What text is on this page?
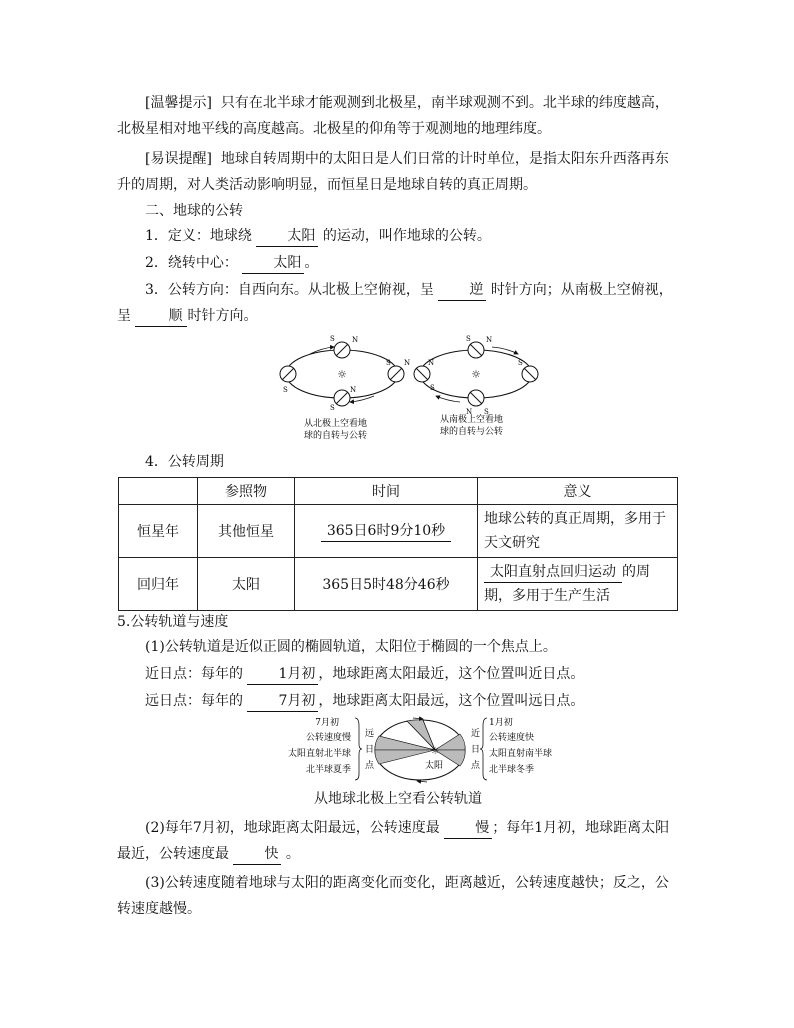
[温馨提示] 只有在北半球才能观测到北极星，南半球观测不到。北半球的纬度越高，北极星相对地平线的高度越高。北极星的仰角等于观测地的地理纬度。

[易误提醒] 地球自转周期中的太阳日是人们日常的计时单位，是指太阳东升西落再东升的周期，对人类活动影响明显，而恒星日是地球自转的真正周期。

二、地球的公转

1．定义：地球绕	太阳 的运动，叫作地球的公转。

2．绕转中心：	太阳 。

3．公转方向：自西向东。从北极上空俯视，呈	逆 时针方向；从南极上空俯视，呈	顺 时针方向。

☼
S N
S
S N
N
S
☼
S N
N
S
S
N S
从北极上空看地
球的自转与公转
从南极上空看地
球的自转与公转

4．公转周期

	参照物	时间	意义
恒星年	其他恒星	365日6时9分10秒	地球公转的真正周期，多用于天文研究
回归年	太阳	365日5时48分46秒	太阳直射点回归运动 的周期，多用于生产生活

5.公转轨道与速度

(1)公转轨道是近似正圆的椭圆轨道，太阳位于椭圆的一个焦点上。

近日点：每年的	1月初 ，地球距离太阳最近，这个位置叫近日点。

远日点：每年的	7月初 ，地球距离太阳最远，这个位置叫远日点。

7月初
公转速度慢
太阳直射北半球
北半球夏季
远
日
点
☼
太阳
近
日
点
1月初
公转速度快
太阳直射南半球
北半球冬季

从地球北极上空看公转轨道

(2)每年7月初，地球距离太阳最远，公转速度最	慢 ；每年1月初，地球距离太阳最近，公转速度最	快 。

(3)公转速度随着地球与太阳的距离变化而变化，距离越近，公转速度越快；反之，公转速度越慢。
